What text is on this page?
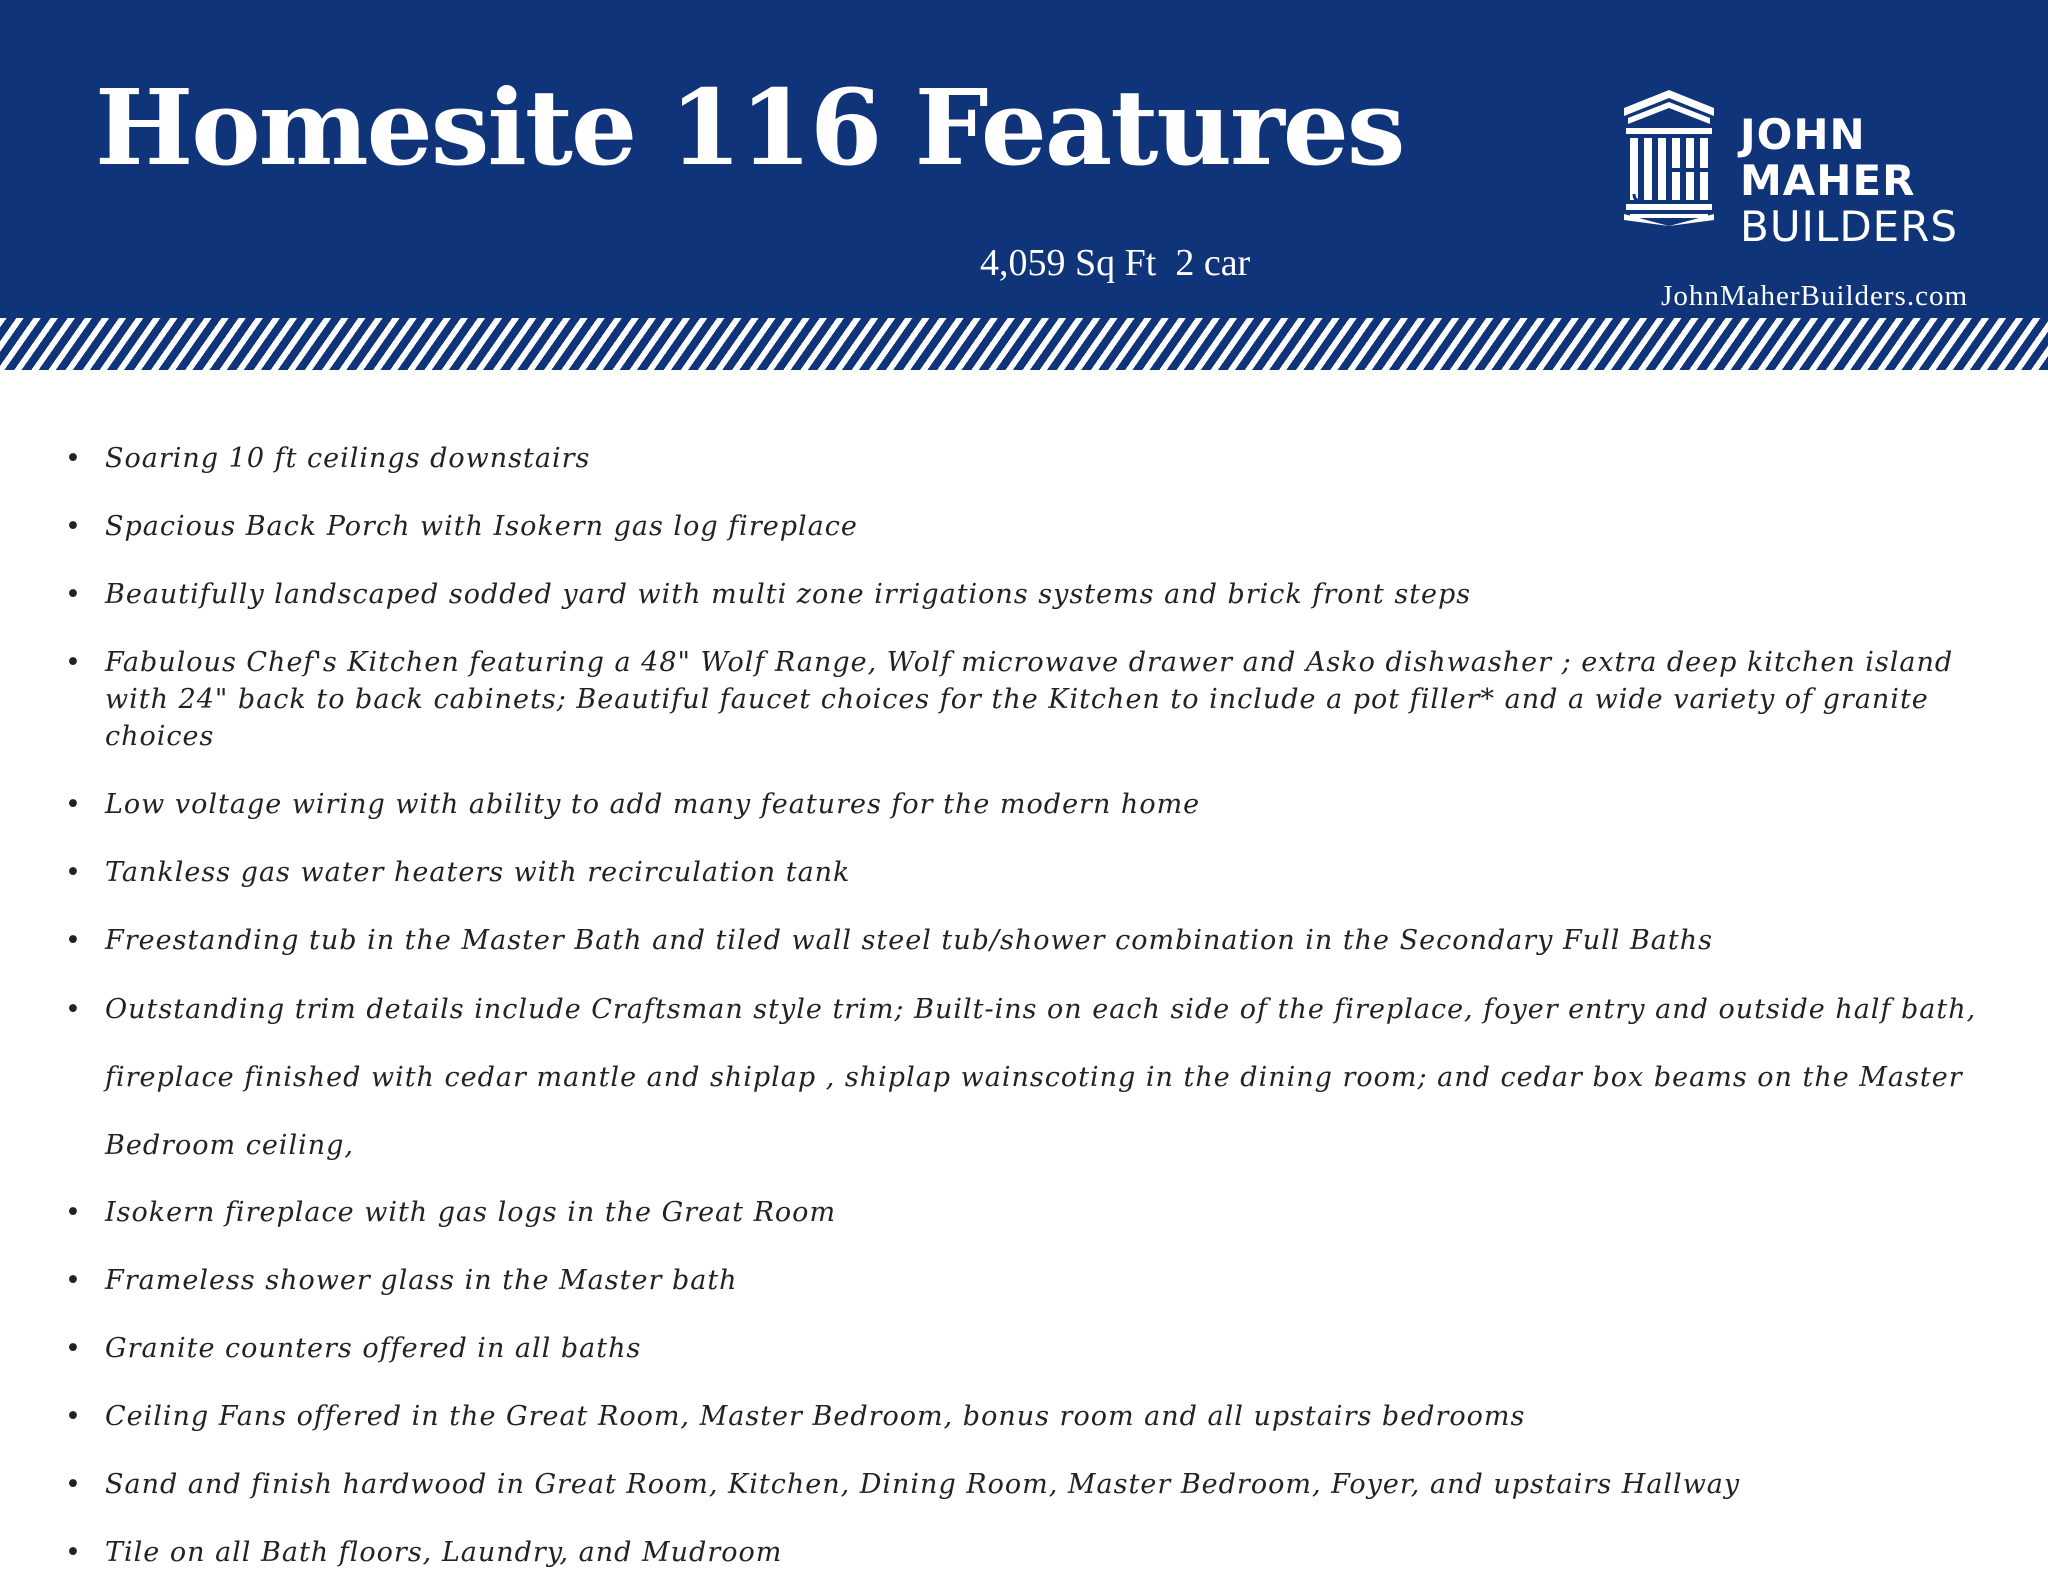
Homesite 116 Features	JOHN MAHER
BUILDERS
4,059 Sq Ft  2 car
JohnMaherBuilders.com
• Soaring 10 ft ceilings downstairs
• Spacious Back Porch with Isokern gas log fireplace
• Beautifully landscaped sodded yard with multi zone irrigations systems and brick front steps
• Fabulous Chef's Kitchen featuring a 48" Wolf Range, Wolf microwave drawer and Asko dishwasher ; extra deep kitchen island with 24" back to back cabinets; Beautiful faucet choices for the Kitchen to include a pot filler* and a wide variety of granite choices
• Low voltage wiring with ability to add many features for the modern home
• Tankless gas water heaters with recirculation tank
• Freestanding tub in the Master Bath and tiled wall steel tub/shower combination in the Secondary Full Baths
• Outstanding trim details include Craftsman style trim; Built-ins on each side of the fireplace, foyer entry and outside half bath, fireplace finished with cedar mantle and shiplap , shiplap wainscoting in the dining room; and cedar box beams on the Master Bedroom ceiling,
• Isokern fireplace with gas logs in the Great Room
• Frameless shower glass in the Master bath
• Granite counters offered in all baths
• Ceiling Fans offered in the Great Room, Master Bedroom, bonus room and all upstairs bedrooms
• Sand and finish hardwood in Great Room, Kitchen, Dining Room, Master Bedroom, Foyer, and upstairs Hallway
• Tile on all Bath floors, Laundry, and Mudroom
